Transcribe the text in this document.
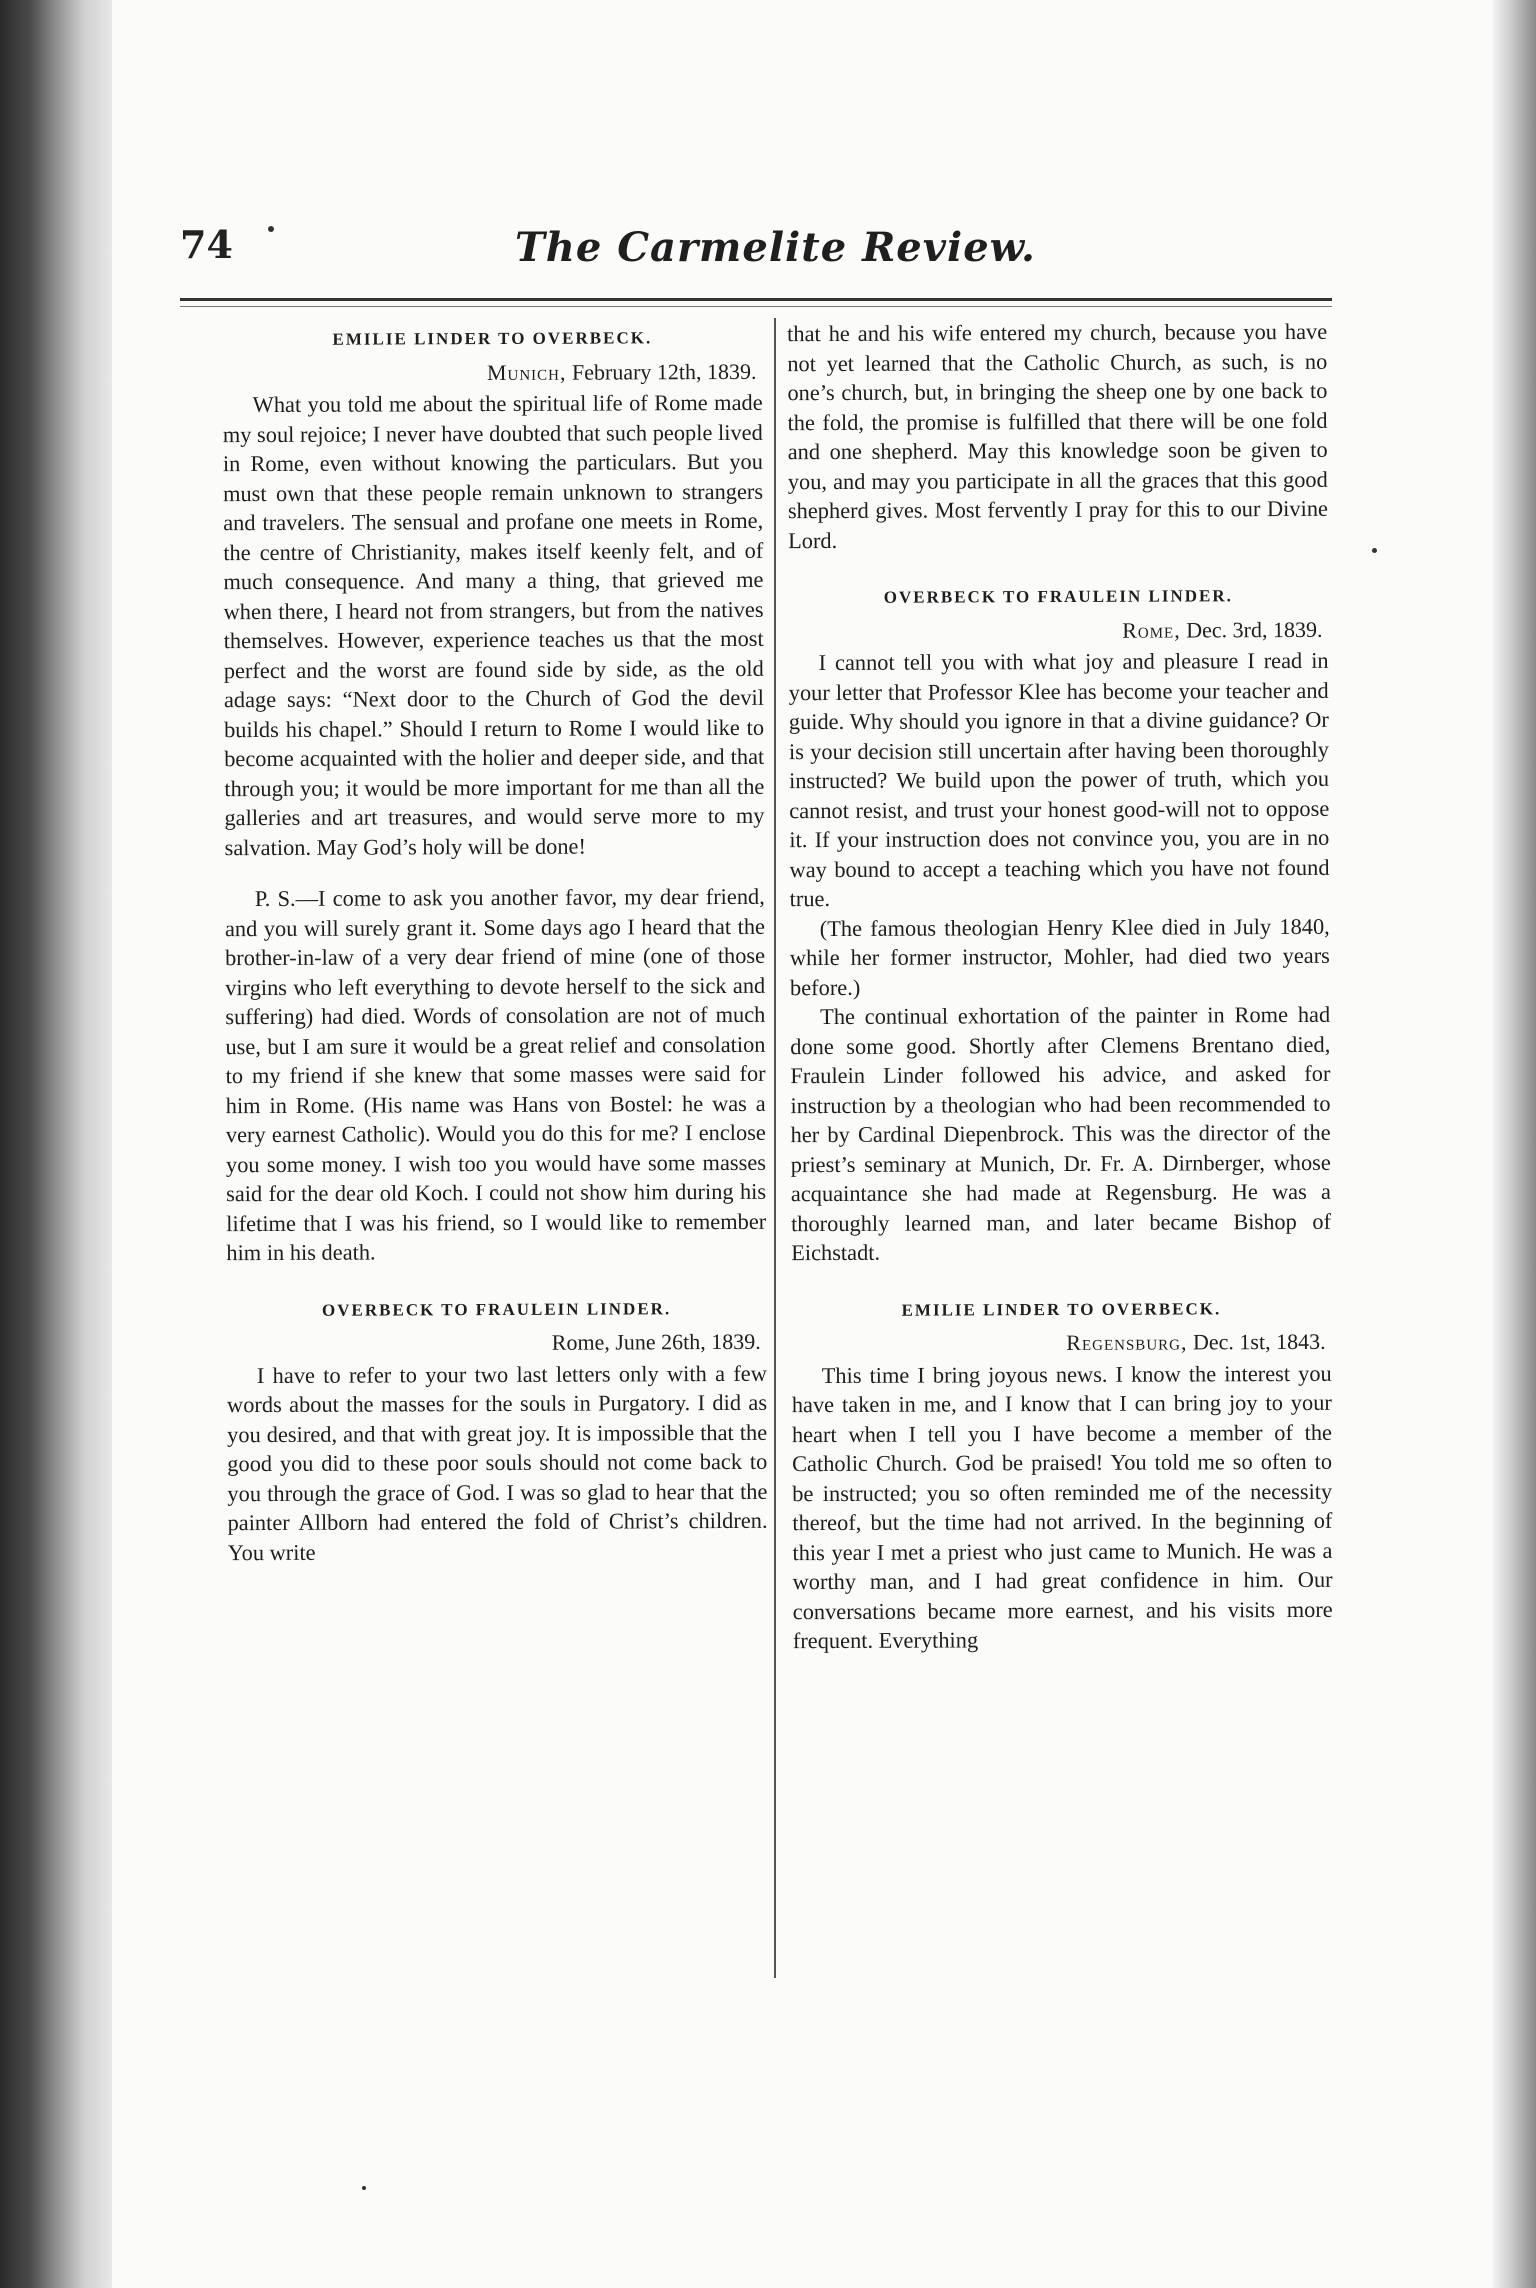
74	The Carmelite Review.
EMILIE LINDER TO OVERBECK.
Munich, February 12th, 1839.

What you told me about the spiritual life of Rome made my soul rejoice; I never have doubted that such people lived in Rome, even without knowing the particulars. But you must own that these people remain unknown to strangers and travelers. The sensual and profane one meets in Rome, the centre of Christianity, makes itself keenly felt, and of much consequence. And many a thing, that grieved me when there, I heard not from strangers, but from the natives themselves. However, experience teaches us that the most perfect and the worst are found side by side, as the old adage says: “Next door to the Church of God the devil builds his chapel.” Should I return to Rome I would like to become acquainted with the holier and deeper side, and that through you; it would be more important for me than all the galleries and art treasures, and would serve more to my salvation. May God’s holy will be done!

P. S.—I come to ask you another favor, my dear friend, and you will surely grant it. Some days ago I heard that the brother-in-law of a very dear friend of mine (one of those virgins who left everything to devote herself to the sick and suffering) had died. Words of consolation are not of much use, but I am sure it would be a great relief and consolation to my friend if she knew that some masses were said for him in Rome. (His name was Hans von Bostel: he was a very earnest Catholic). Would you do this for me? I enclose you some money. I wish too you would have some masses said for the dear old Koch. I could not show him during his lifetime that I was his friend, so I would like to remember him in his death.

OVERBECK TO FRAULEIN LINDER.
Rome, June 26th, 1839.

I have to refer to your two last letters only with a few words about the masses for the souls in Purgatory. I did as you desired, and that with great joy. It is impossible that the good you did to these poor souls should not come back to you through the grace of God. I was so glad to hear that the painter Allborn had entered the fold of Christ’s children. You write

that he and his wife entered my church, because you have not yet learned that the Catholic Church, as such, is no one’s church, but, in bringing the sheep one by one back to the fold, the promise is fulfilled that there will be one fold and one shepherd. May this knowledge soon be given to you, and may you participate in all the graces that this good shepherd gives. Most fervently I pray for this to our Divine Lord.

OVERBECK TO FRAULEIN LINDER.
Rome, Dec. 3rd, 1839.

I cannot tell you with what joy and pleasure I read in your letter that Professor Klee has become your teacher and guide. Why should you ignore in that a divine guidance? Or is your decision still uncertain after having been thoroughly instructed? We build upon the power of truth, which you cannot resist, and trust your honest good-will not to oppose it. If your instruction does not convince you, you are in no way bound to accept a teaching which you have not found true.

(The famous theologian Henry Klee died in July 1840, while her former instructor, Mohler, had died two years before.)

The continual exhortation of the painter in Rome had done some good. Shortly after Clemens Brentano died, Fraulein Linder followed his advice, and asked for instruction by a theologian who had been recommended to her by Cardinal Diepenbrock. This was the director of the priest’s seminary at Munich, Dr. Fr. A. Dirnberger, whose acquaintance she had made at Regensburg. He was a thoroughly learned man, and later became Bishop of Eichstadt.

EMILIE LINDER TO OVERBECK.
Regensburg, Dec. 1st, 1843.

This time I bring joyous news. I know the interest you have taken in me, and I know that I can bring joy to your heart when I tell you I have become a member of the Catholic Church. God be praised! You told me so often to be instructed; you so often reminded me of the necessity thereof, but the time had not arrived. In the beginning of this year I met a priest who just came to Munich. He was a worthy man, and I had great confidence in him. Our conversations became more earnest, and his visits more frequent. Everything
